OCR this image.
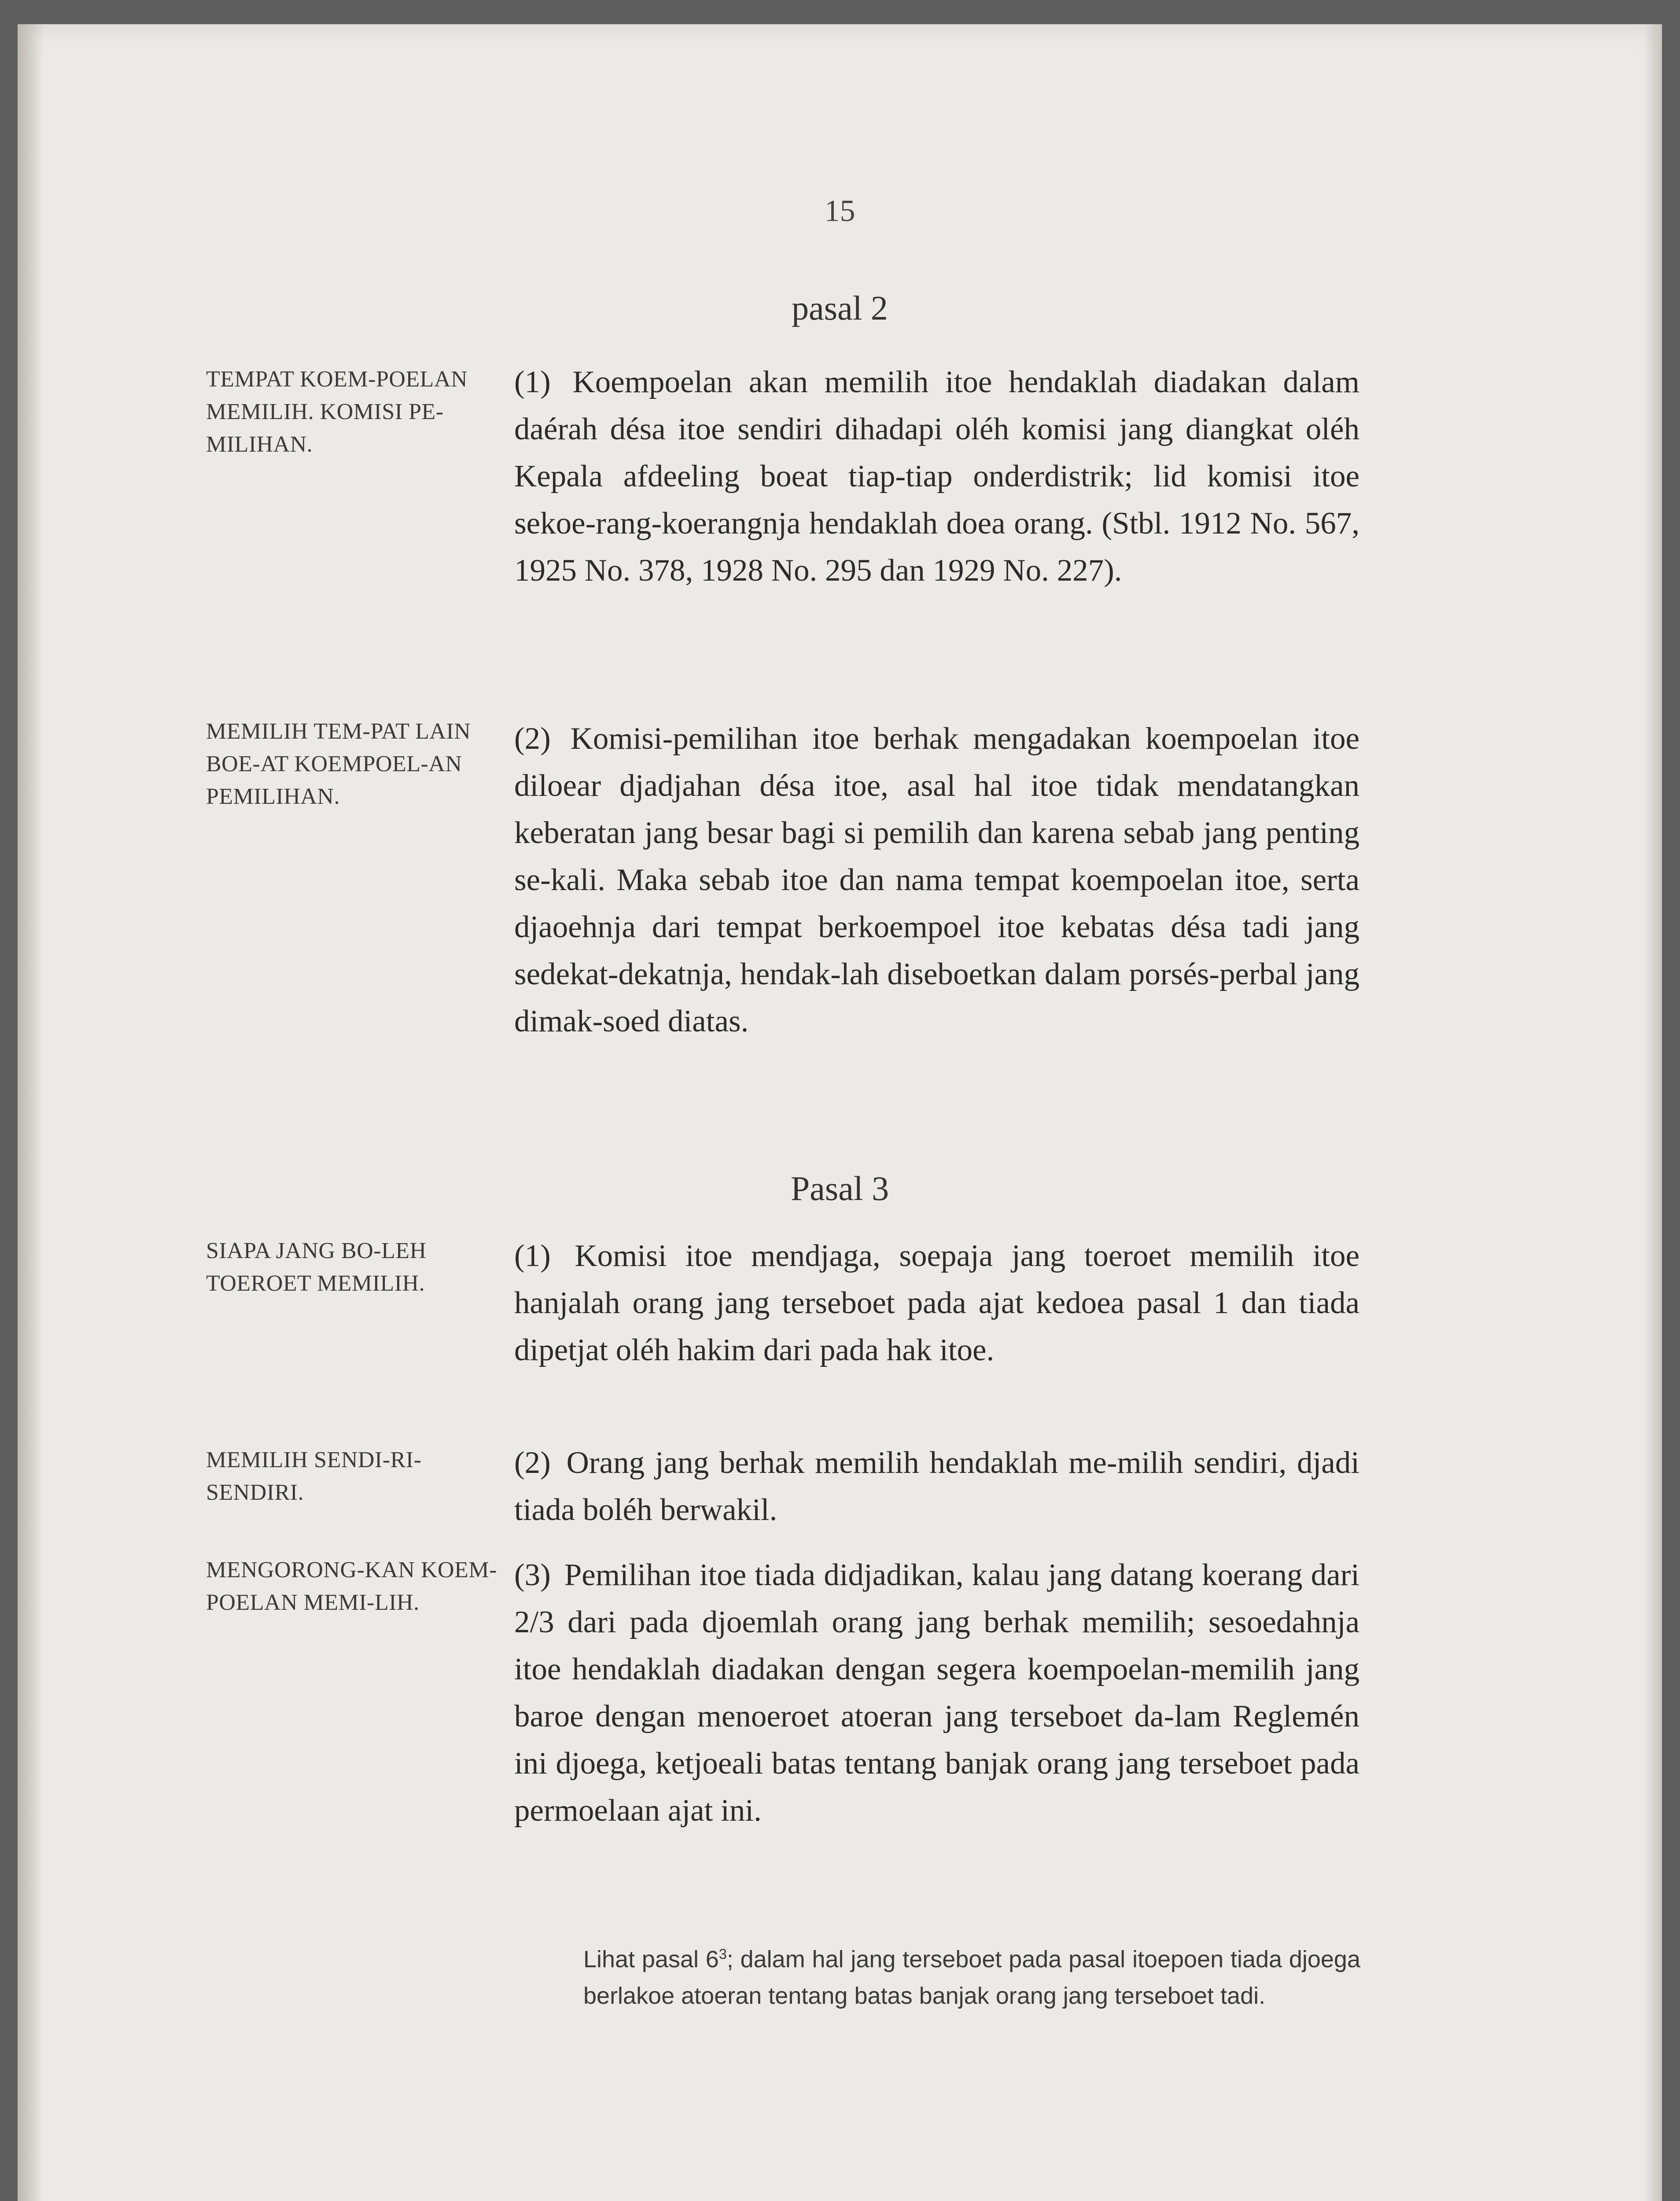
15
pasal 2
TEMPAT KOEM-POELAN MEMILIH. KOMISI PE-MILIHAN.
(1) Koempoelan akan memilih itoe hendaklah diadakan dalam daérah désa itoe sendiri dihadapi oléh komisi jang diangkat oléh Kepala afdeeling boeat tiap-tiap onderdistrik; lid komisi itoe sekoe-rang-koerangnja hendaklah doea orang. (Stbl. 1912 No. 567, 1925 No. 378, 1928 No. 295 dan 1929 No. 227).
MEMILIH TEM-PAT LAIN BOE-AT KOEMPOEL-AN PEMILIHAN.
(2) Komisi-pemilihan itoe berhak mengadakan koempoelan itoe diloear djadjahan désa itoe, asal hal itoe tidak mendatangkan keberatan jang besar bagi si pemilih dan karena sebab jang penting se-kali. Maka sebab itoe dan nama tempat koempoelan itoe, serta djaoehnja dari tempat berkoempoel itoe kebatas désa tadi jang sedekat-dekatnja, hendak-lah diseboetkan dalam porsés-perbal jang dimak-soed diatas.
Pasal 3
SIAPA JANG BO-LEH TOEROET MEMILIH.
(1) Komisi itoe mendjaga, soepaja jang toeroet memilih itoe hanjalah orang jang terseboet pada ajat kedoea pasal 1 dan tiada dipetjat oléh hakim dari pada hak itoe.
MEMILIH SENDI-RI-SENDIRI.
(2) Orang jang berhak memilih hendaklah me-milih sendiri, djadi tiada boléh berwakil.
MENGORONG-KAN KOEM-POELAN MEMI-LIH.
(3) Pemilihan itoe tiada didjadikan, kalau jang datang koerang dari 2/3 dari pada djoemlah orang jang berhak memilih; sesoedahnja itoe hendaklah diadakan dengan segera koempoelan-memilih jang baroe dengan menoeroet atoeran jang terseboet da-lam Reglemén ini djoega, ketjoeali batas tentang banjak orang jang terseboet pada permoelaan ajat ini.
Lihat pasal $6^3$; dalam hal jang terseboet pada pasal itoepoen tiada djoega berlakoe atoeran tentang batas banjak orang jang terseboet tadi.
